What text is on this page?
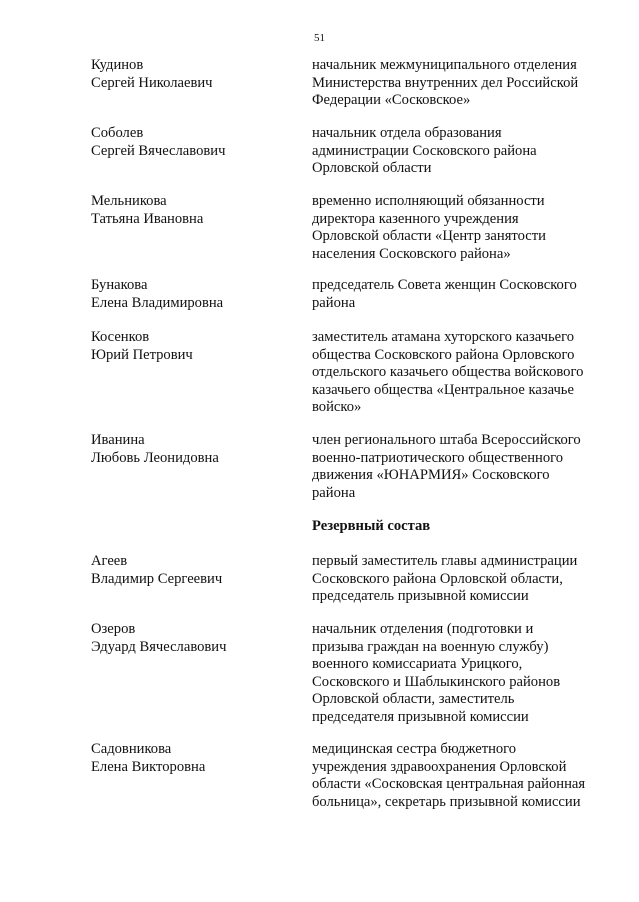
51
Кудинов
Сергей Николаевич
начальник межмуниципального отделения
Министерства внутренних дел Российской
Федерации «Сосковское»
Соболев
Сергей Вячеславович
начальник отдела образования
администрации Сосковского района
Орловской области
Мельникова
Татьяна Ивановна
временно исполняющий обязанности
директора казенного учреждения
Орловской области «Центр занятости
населения Сосковского района»
Бунакова
Елена Владимировна
председатель Совета женщин Сосковского
района
Косенков
Юрий Петрович
заместитель атамана хуторского казачьего
общества Сосковского района Орловского
отдельского казачьего общества войскового
казачьего общества «Центральное казачье
войско»
Иванина
Любовь Леонидовна
член регионального штаба Всероссийского
военно-патриотического общественного
движения «ЮНАРМИЯ» Сосковского
района
Резервный состав
Агеев
Владимир Сергеевич
первый заместитель главы администрации
Сосковского района Орловской области,
председатель призывной комиссии
Озеров
Эдуард Вячеславович
начальник отделения (подготовки и
призыва граждан на военную службу)
военного комиссариата Урицкого,
Сосковского и Шаблыкинского районов
Орловской области, заместитель
председателя призывной комиссии
Садовникова
Елена Викторовна
медицинская сестра бюджетного
учреждения здравоохранения Орловской
области «Сосковская центральная районная
больница», секретарь призывной комиссии
